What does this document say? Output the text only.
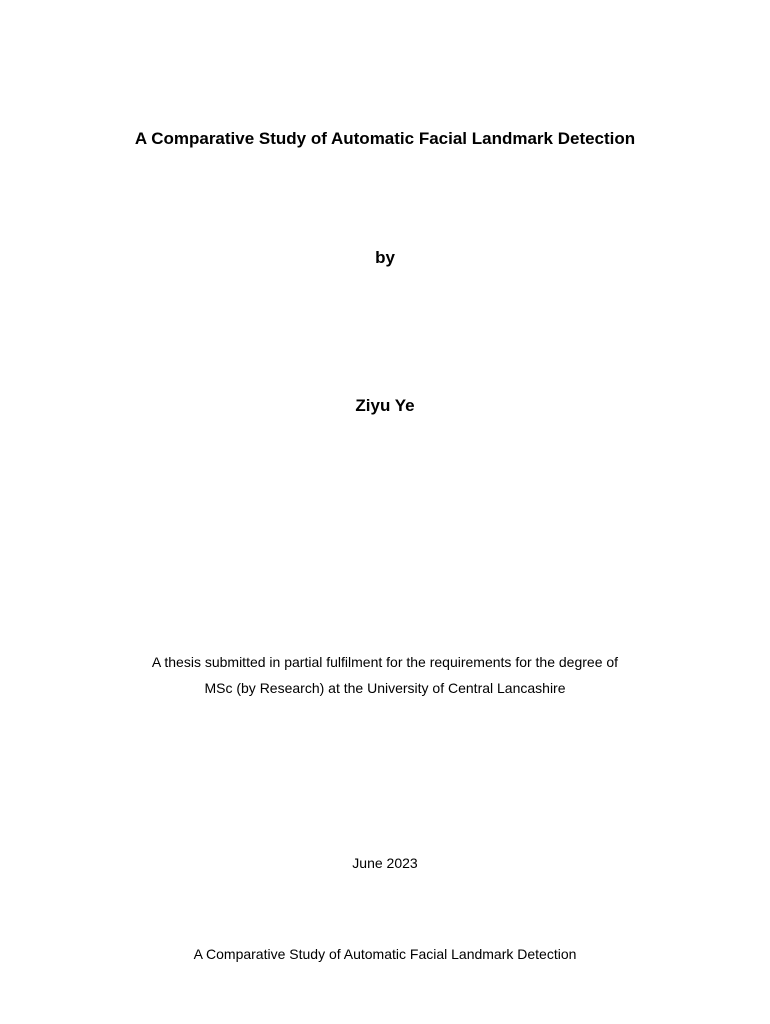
A Comparative Study of Automatic Facial Landmark Detection
by
Ziyu Ye
A thesis submitted in partial fulfilment for the requirements for the degree of
MSc (by Research) at the University of Central Lancashire
June 2023
A Comparative Study of Automatic Facial Landmark Detection
